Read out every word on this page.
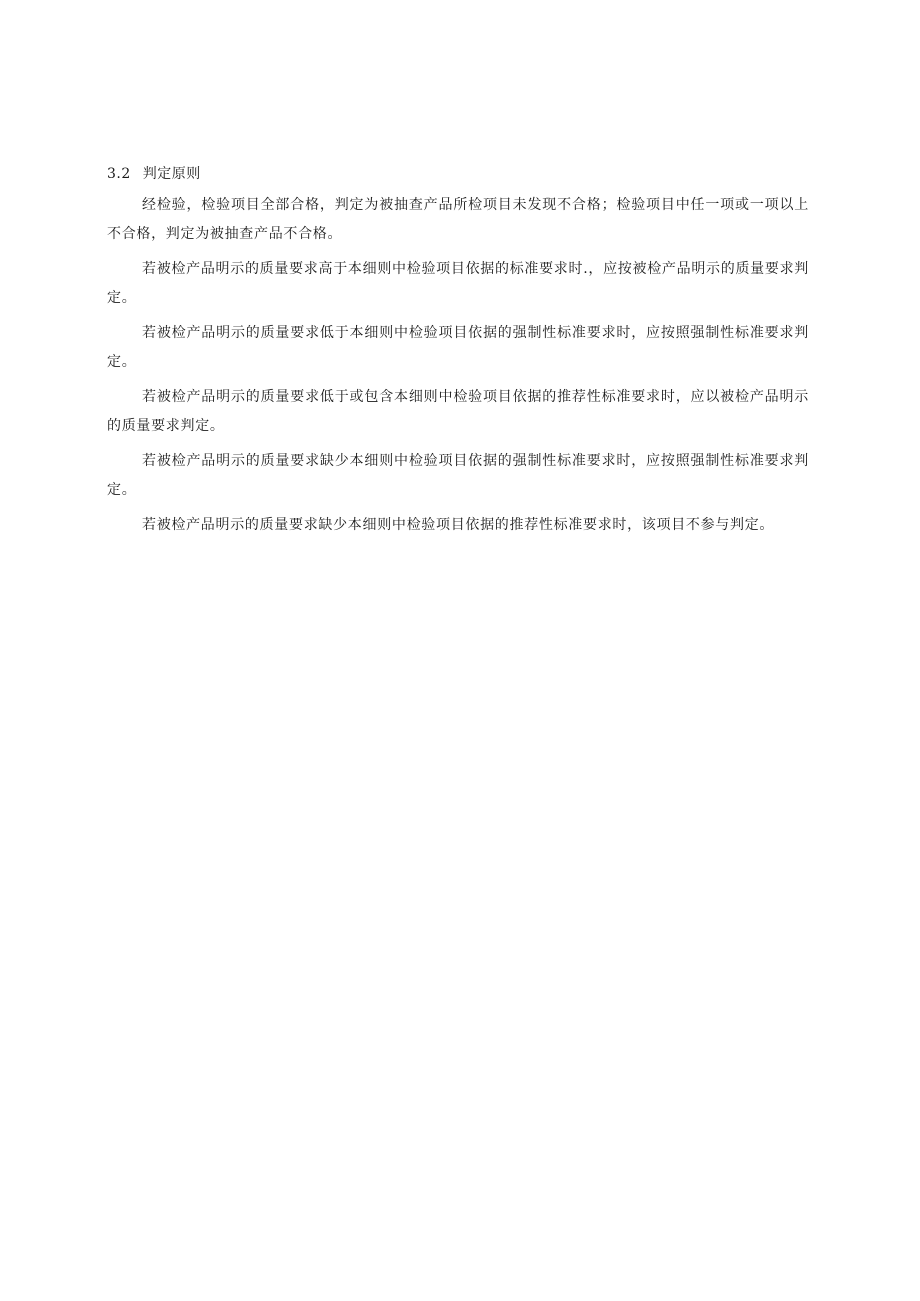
3.2 判定原则

经检验，检验项目全部合格，判定为被抽查产品所检项目未发现不合格；检验项目中任一项或一项以上不合格，判定为被抽查产品不合格。

若被检产品明示的质量要求高于本细则中检验项目依据的标准要求时.，应按被检产品明示的质量要求判定。

若被检产品明示的质量要求低于本细则中检验项目依据的强制性标准要求时，应按照强制性标准要求判定。

若被检产品明示的质量要求低于或包含本细则中检验项目依据的推荐性标准要求时，应以被检产品明示的质量要求判定。

若被检产品明示的质量要求缺少本细则中检验项目依据的强制性标准要求时，应按照强制性标准要求判定。

若被检产品明示的质量要求缺少本细则中检验项目依据的推荐性标准要求时，该项目不参与判定。
